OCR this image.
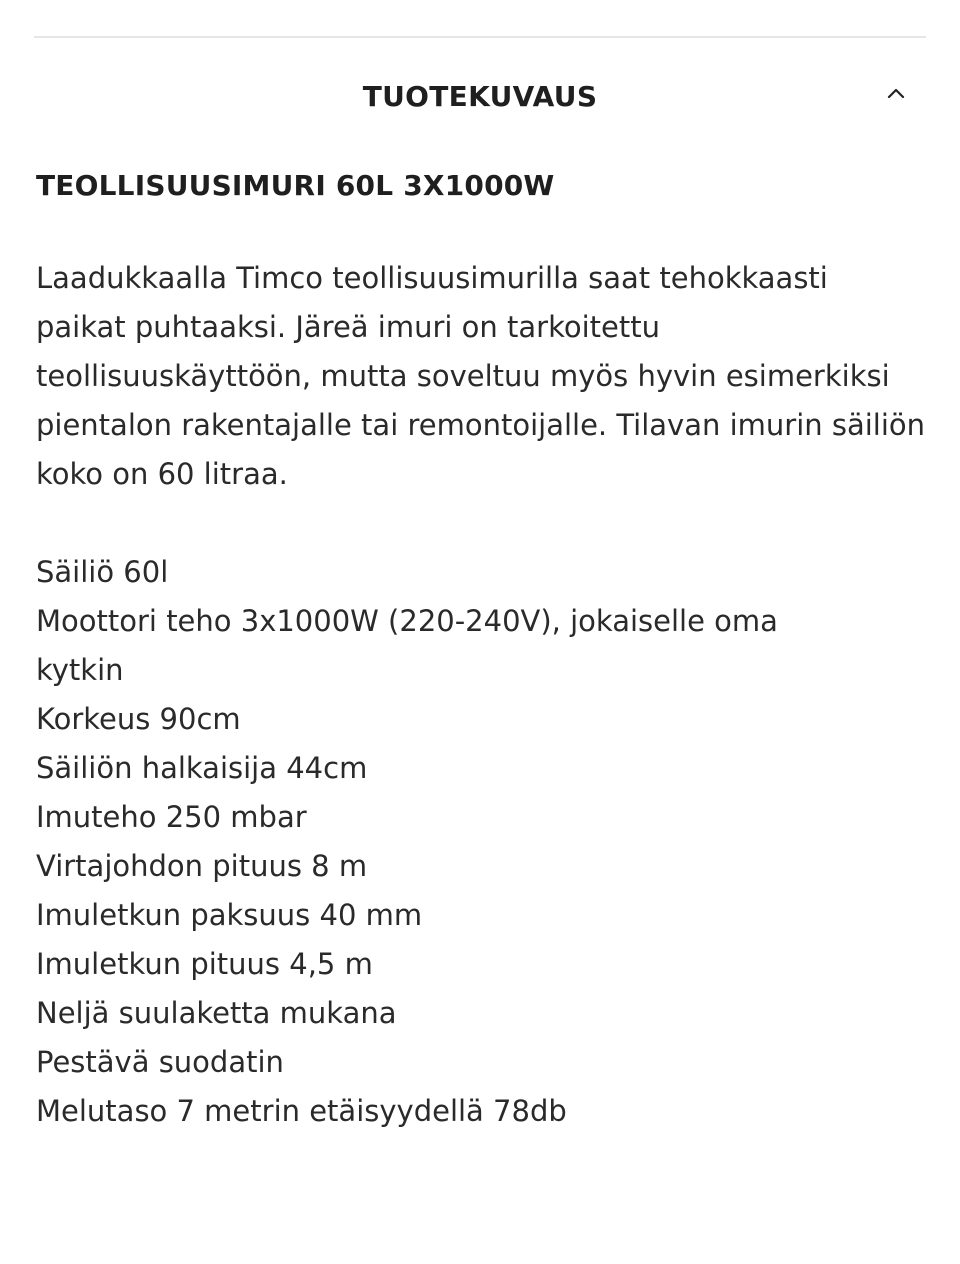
TUOTEKUVAUS
TEOLLISUUSIMURI 60L 3X1000W

Laadukkaalla Timco teollisuusimurilla saat tehokkaasti paikat puhtaaksi. Järeä imuri on tarkoitettu teollisuuskäyttöön, mutta soveltuu myös hyvin esimerkiksi pientalon rakentajalle tai remontoijalle. Tilavan imurin säiliön koko on 60 litraa.

Säiliö 60l
Moottori teho 3x1000W (220-240V), jokaiselle oma kytkin
Korkeus 90cm
Säiliön halkaisija 44cm
Imuteho 250 mbar
Virtajohdon pituus 8 m
Imuletkun paksuus 40 mm
Imuletkun pituus 4,5 m
Neljä suulaketta mukana
Pestävä suodatin
Melutaso 7 metrin etäisyydellä 78db
